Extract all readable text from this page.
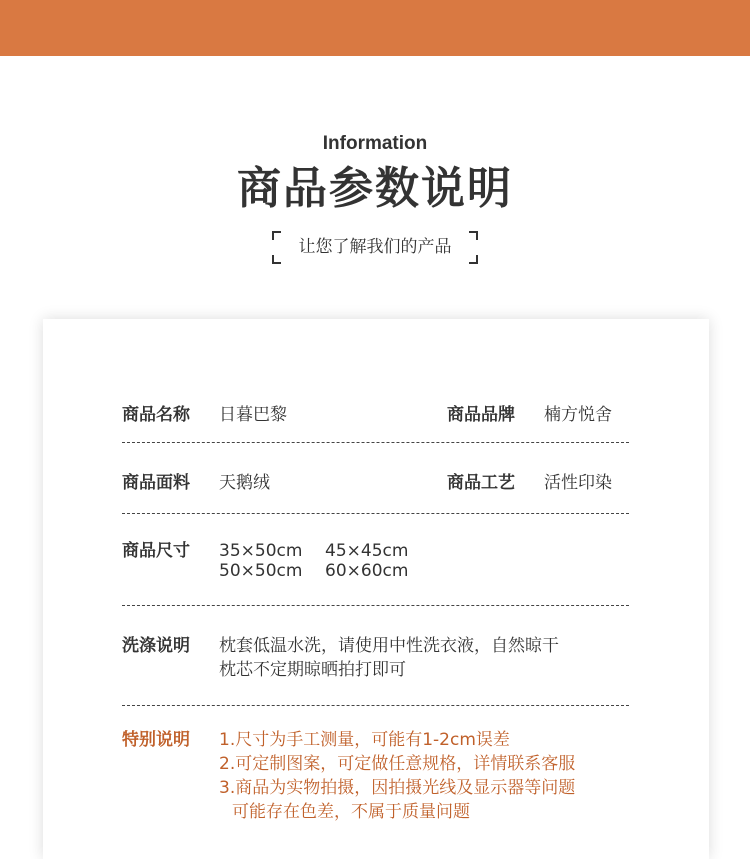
Information
商品参数说明
让您了解我们的产品
商品名称 日暮巴黎	商品品牌 楠方悦舍
商品面料 天鹅绒	商品工艺 活性印染
商品尺寸 35×50cm 45×45cm
50×50cm 60×60cm
洗涤说明 枕套低温水洗，请使用中性洗衣液，自然晾干
枕芯不定期晾晒拍打即可
特别说明 1.尺寸为手工测量，可能有1-2cm误差
2.可定制图案，可定做任意规格，详情联系客服
3.商品为实物拍摄，因拍摄光线及显示器等问题
可能存在色差，不属于质量问题
